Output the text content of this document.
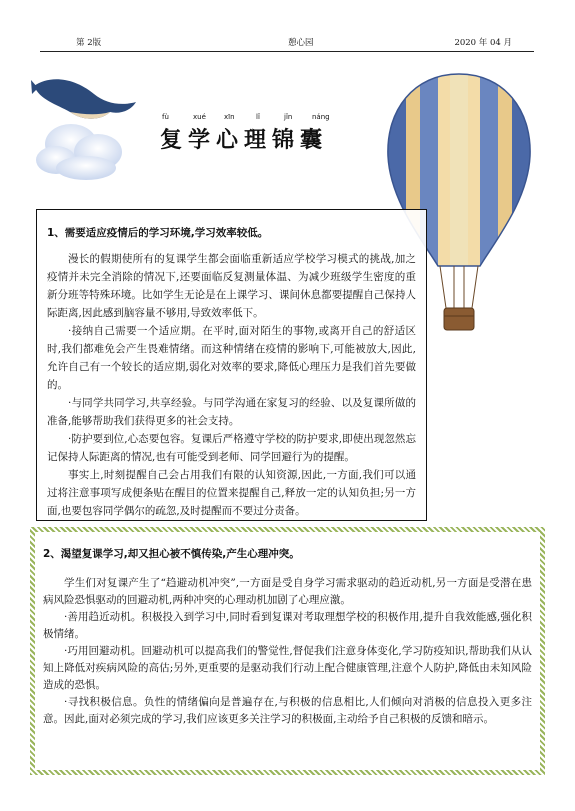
第 2版	憩心园	2020 年 04 月
fù	xué	xīn	lǐ	jǐn	náng
复学心理锦囊
1、需要适应疫情后的学习环境,学习效率较低。

漫长的假期使所有的复课学生都会面临重新适应学校学习模式的挑战,加之疫情并未完全消除的情况下,还要面临反复测量体温、为减少班级学生密度的重新分班等特殊环境。比如学生无论是在上课学习、课间休息都要提醒自己保持人际距离,因此感到脑容量不够用,导致效率低下。

·接纳自己需要一个适应期。在平时,面对陌生的事物,或离开自己的舒适区时,我们都难免会产生畏难情绪。而这种情绪在疫情的影响下,可能被放大,因此,允许自己有一个较长的适应期,弱化对效率的要求,降低心理压力是我们首先要做的。

·与同学共同学习,共享经验。与同学沟通在家复习的经验、以及复课所做的准备,能够帮助我们获得更多的社会支持。

·防护要到位,心态要包容。复课后严格遵守学校的防护要求,即使出现忽然忘记保持人际距离的情况,也有可能受到老师、同学回避行为的提醒。

事实上,时刻提醒自己会占用我们有限的认知资源,因此,一方面,我们可以通过将注意事项写成便条贴在醒目的位置来提醒自己,释放一定的认知负担;另一方面,也要包容同学偶尔的疏忽,及时提醒而不要过分责备。

2、渴望复课学习,却又担心被不慎传染,产生心理冲突。

学生们对复课产生了“趋避动机冲突”,一方面是受自身学习需求驱动的趋近动机,另一方面是受潜在患病风险恐惧驱动的回避动机,两种冲突的心理动机加剧了心理应激。

·善用趋近动机。积极投入到学习中,同时看到复课对考取理想学校的积极作用,提升自我效能感,强化积极情绪。

·巧用回避动机。回避动机可以提高我们的警觉性,督促我们注意身体变化,学习防疫知识,帮助我们从认知上降低对疾病风险的高估;另外,更重要的是驱动我们行动上配合健康管理,注意个人防护,降低由未知风险造成的恐惧。

·寻找积极信息。负性的情绪偏向是普遍存在,与积极的信息相比,人们倾向对消极的信息投入更多注意。因此,面对必须完成的学习,我们应该更多关注学习的积极面,主动给予自己积极的反馈和暗示。
